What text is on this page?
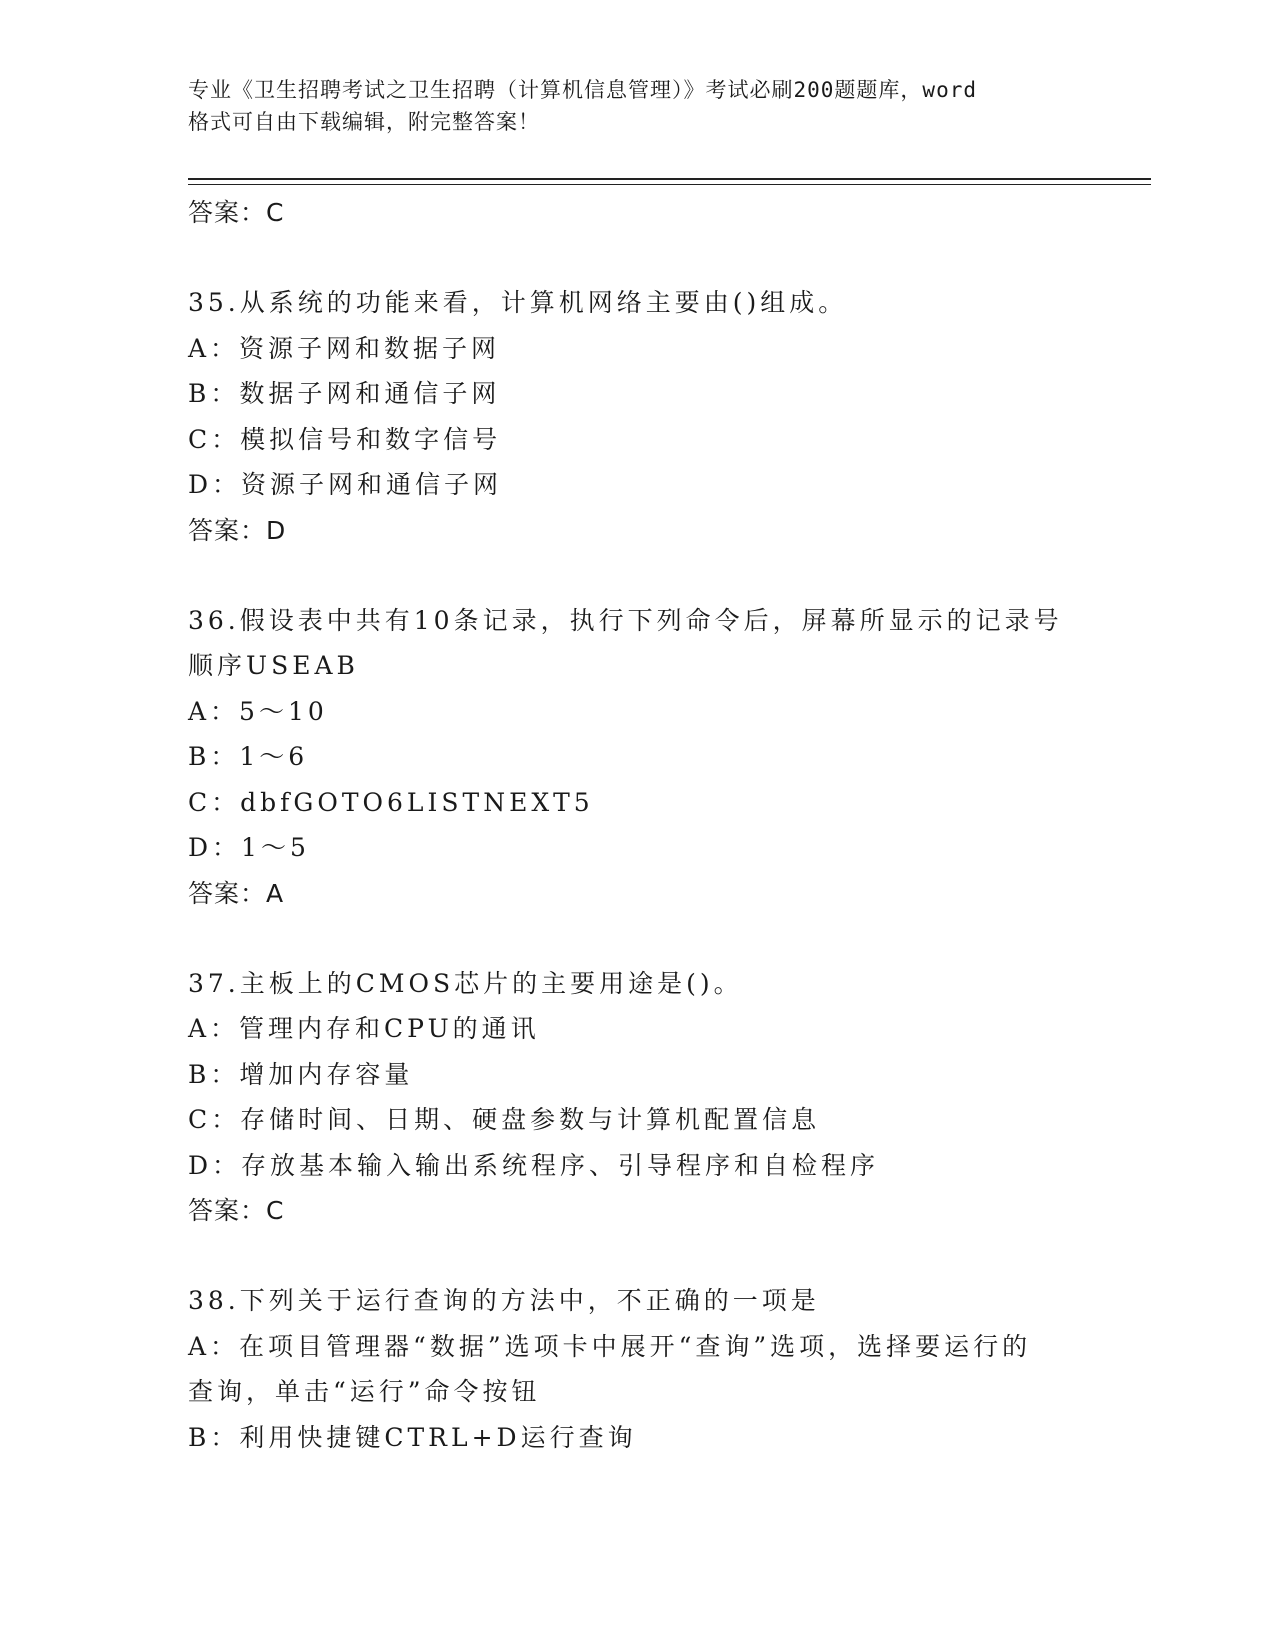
专业《卫生招聘考试之卫生招聘（计算机信息管理）》考试必刷200题题库，word
格式可自由下载编辑，附完整答案！
答案：C
35.从系统的功能来看，计算机网络主要由()组成。
A：资源子网和数据子网
B：数据子网和通信子网
C：模拟信号和数字信号
D：资源子网和通信子网
答案：D
36.假设表中共有10条记录，执行下列命令后，屏幕所显示的记录号
顺序USEAB
A：5～10
B：1～6
C：dbfGOTO6LISTNEXT5
D：1～5
答案：A
37.主板上的CMOS芯片的主要用途是()。
A：管理内存和CPU的通讯
B：增加内存容量
C：存储时间、日期、硬盘参数与计算机配置信息
D：存放基本输入输出系统程序、引导程序和自检程序
答案：C
38.下列关于运行查询的方法中，不正确的一项是
A：在项目管理器“数据”选项卡中展开“查询”选项，选择要运行的
查询，单击“运行”命令按钮
B：利用快捷键CTRL+D运行查询
